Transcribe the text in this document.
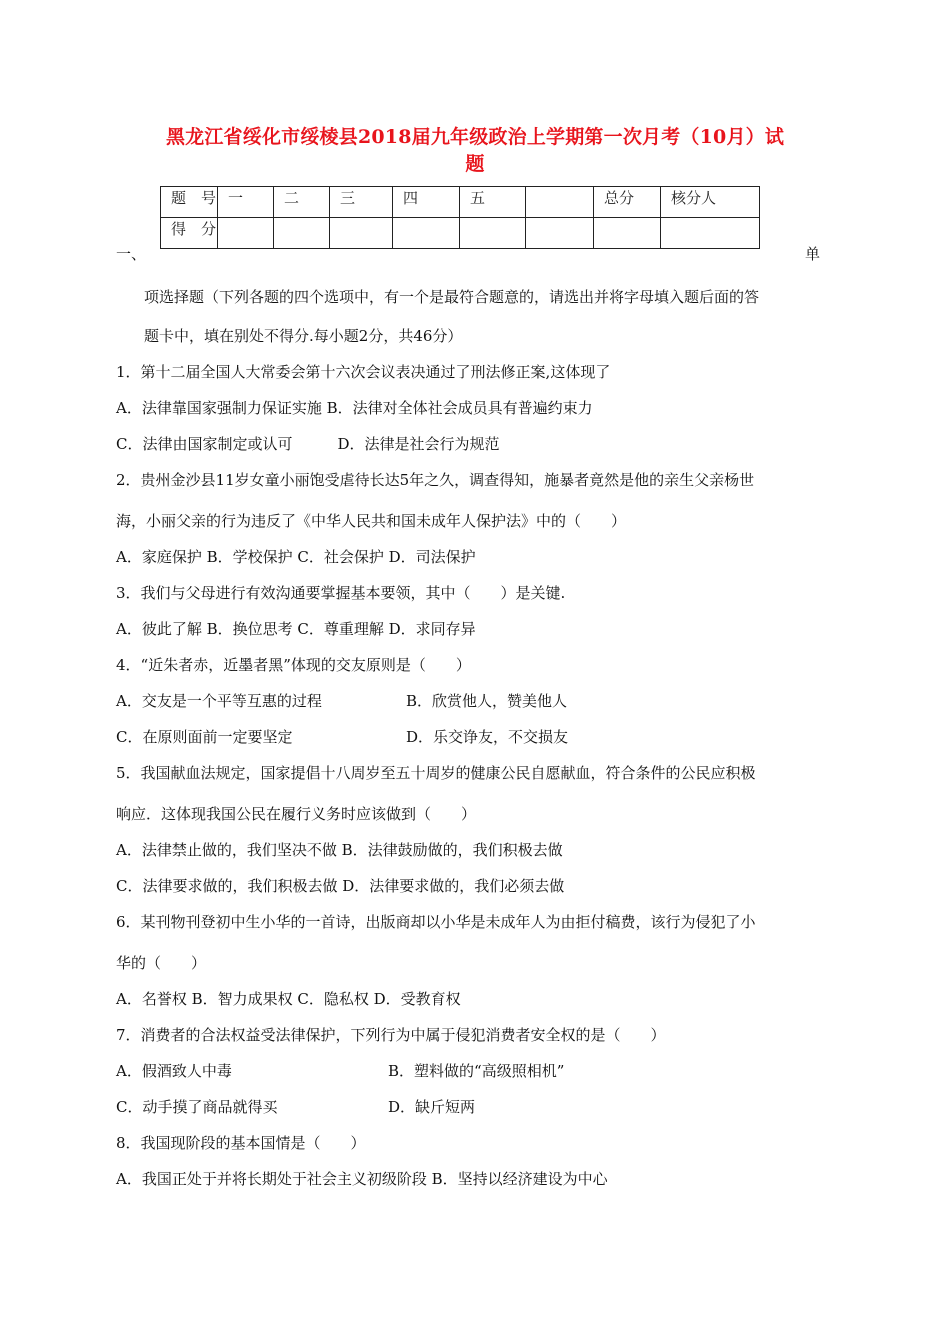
黑龙江省绥化市绥棱县2018届九年级政治上学期第一次月考（10月）试
题
题　号	一	二	三	四	五		总分	核分人
得　分								
一、	单
项选择题（下列各题的四个选项中，有一个是最符合题意的，请选出并将字母填入题后面的答
题卡中，填在别处不得分.每小题2分，共46分）
1．第十二届全国人大常委会第十六次会议表决通过了刑法修正案,这体现了
A．法律靠国家强制力保证实施 B．法律对全体社会成员具有普遍约束力
C．法律由国家制定或认可　　　D．法律是社会行为规范
2．贵州金沙县11岁女童小丽饱受虐待长达5年之久，调查得知，施暴者竟然是他的亲生父亲杨世
海，小丽父亲的行为违反了《中华人民共和国未成年人保护法》中的（　　）
A．家庭保护 B．学校保护 C．社会保护 D．司法保护
3．我们与父母进行有效沟通要掌握基本要领，其中（　　）是关键.
A．彼此了解 B．换位思考 C．尊重理解 D．求同存异
4．“近朱者赤，近墨者黑”体现的交友原则是（　　）
A．交友是一个平等互惠的过程	B．欣赏他人，赞美他人
C．在原则面前一定要坚定	D．乐交诤友，不交损友
5．我国献血法规定，国家提倡十八周岁至五十周岁的健康公民自愿献血，符合条件的公民应积极
响应．这体现我国公民在履行义务时应该做到（　　）
A．法律禁止做的，我们坚决不做 B．法律鼓励做的，我们积极去做
C．法律要求做的，我们积极去做 D．法律要求做的，我们必须去做
6．某刊物刊登初中生小华的一首诗，出版商却以小华是未成年人为由拒付稿费，该行为侵犯了小
华的（　　）
A．名誉权 B．智力成果权 C．隐私权 D．受教育权
7．消费者的合法权益受法律保护，下列行为中属于侵犯消费者安全权的是（　　）
A．假酒致人中毒	B．塑料做的“高级照相机”
C．动手摸了商品就得买	D．缺斤短两
8．我国现阶段的基本国情是（　　）
A．我国正处于并将长期处于社会主义初级阶段 B．坚持以经济建设为中心
